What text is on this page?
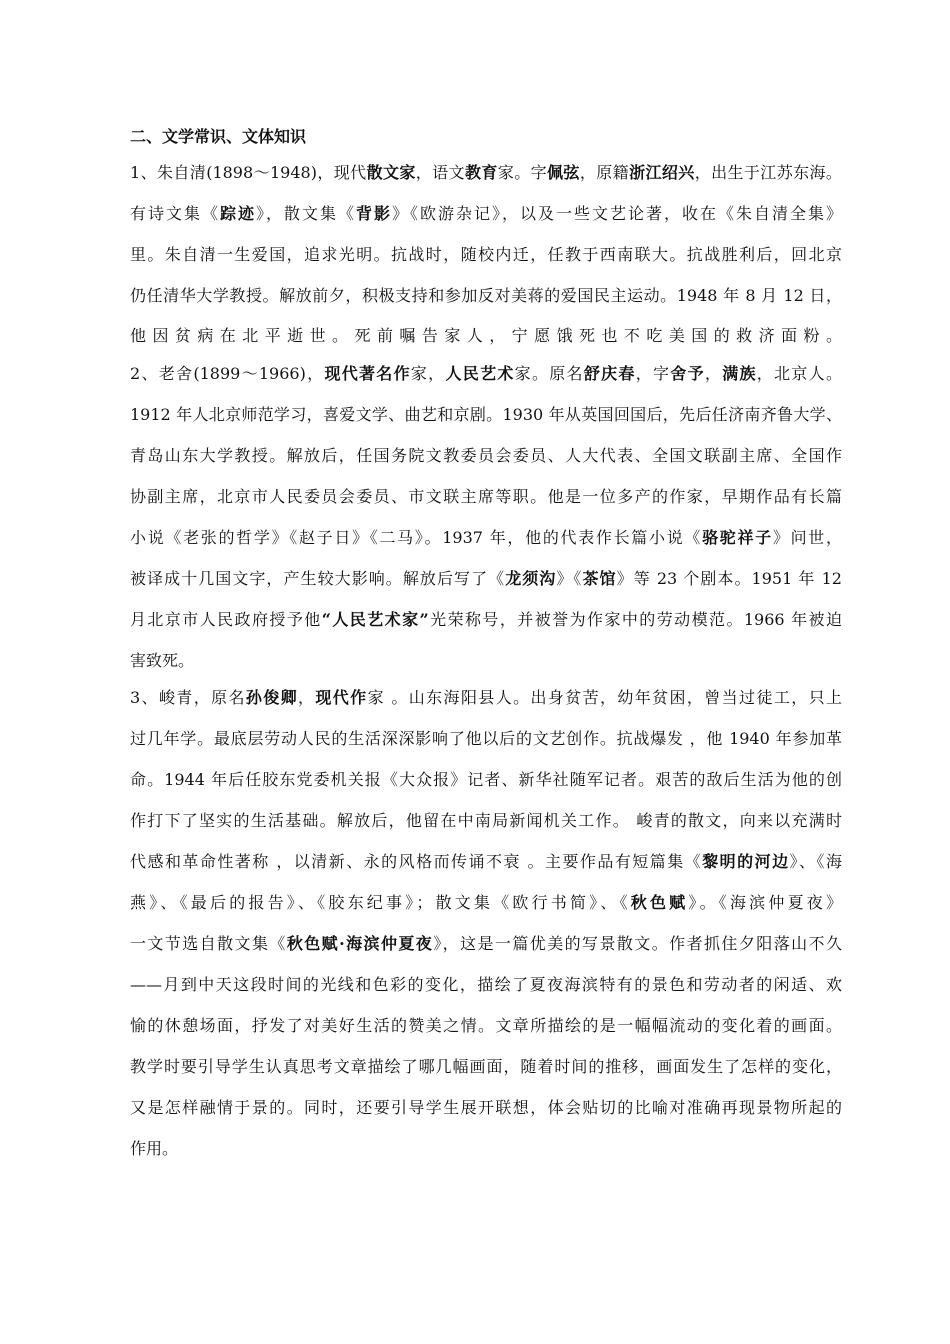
二、文学常识、文体知识
1、朱自清(1898～1948)，现代散文家，语文教育家。字佩弦，原籍浙江绍兴，出生于江苏东海。
有诗文集《踪迹》，散文集《背影》《欧游杂记》，以及一些文艺论著，收在《朱自清全集》
里。朱自清一生爱国，追求光明。抗战时，随校内迁，任教于西南联大。抗战胜利后，回北京
仍任清华大学教授。解放前夕，积极支持和参加反对美蒋的爱国民主运动。1948 年 8 月 12 日，
他因贫病在北平逝世。死前嘱告家人，宁愿饿死也不吃美国的救济面粉。
2、老舍(1899～1966)，现代著名作家，人民艺术家。原名舒庆春，字舍予，满族，北京人。
1912 年人北京师范学习，喜爱文学、曲艺和京剧。1930 年从英国回国后，先后任济南齐鲁大学、
青岛山东大学教授。解放后，任国务院文教委员会委员、人大代表、全国文联副主席、全国作
协副主席，北京市人民委员会委员、市文联主席等职。他是一位多产的作家，早期作品有长篇
小说《老张的哲学》《赵子日》《二马》。1937 年，他的代表作长篇小说《骆驼祥子》问世，
被译成十几国文字，产生较大影响。解放后写了《龙须沟》《茶馆》等 23 个剧本。1951 年 12
月北京市人民政府授予他“人民艺术家”光荣称号，并被誉为作家中的劳动模范。1966 年被迫
害致死。
3、峻青，原名孙俊卿，现代作家 。山东海阳县人。出身贫苦，幼年贫困，曾当过徒工，只上
过几年学。最底层劳动人民的生活深深影响了他以后的文艺创作。抗战爆发 ，他 1940 年参加革
命。1944 年后任胶东党委机关报《大众报》记者、新华社随军记者。艰苦的敌后生活为他的创
作打下了坚实的生活基础。解放后，他留在中南局新闻机关工作。 峻青的散文，向来以充满时
代感和革命性著称 ，以清新、永的风格而传诵不衰 。主要作品有短篇集《黎明的河边》、《海
燕》、《最后的报告》、《胶东纪事》；散文集《欧行书简》、《秋色赋》。《海滨仲夏夜》
一文节选自散文集《秋色赋·海滨仲夏夜》，这是一篇优美的写景散文。作者抓住夕阳落山不久
——月到中天这段时间的光线和色彩的变化，描绘了夏夜海滨特有的景色和劳动者的闲适、欢
愉的休憩场面，抒发了对美好生活的赞美之情。文章所描绘的是一幅幅流动的变化着的画面。
教学时要引导学生认真思考文章描绘了哪几幅画面，随着时间的推移，画面发生了怎样的变化，
又是怎样融情于景的。同时，还要引导学生展开联想，体会贴切的比喻对准确再现景物所起的
作用。
